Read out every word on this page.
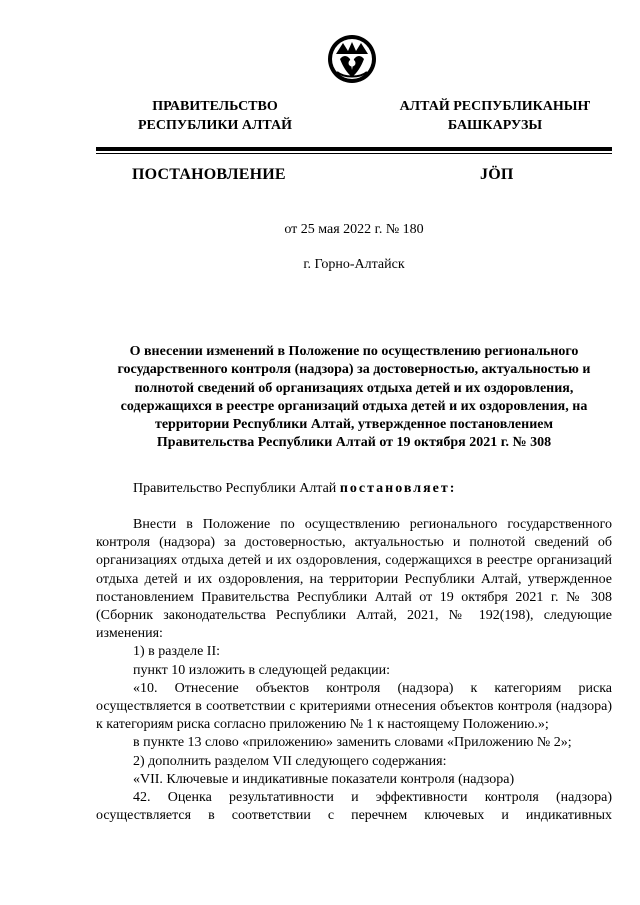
ПРАВИТЕЛЬСТВО
РЕСПУБЛИКИ АЛТАЙ
АЛТАЙ РЕСПУБЛИКАНЫҤ
БАШКАРУЗЫ
ПОСТАНОВЛЕНИЕ	JӦП
от 25 мая 2022 г. № 180
г. Горно-Алтайск
О внесении изменений в Положение по осуществлению регионального
государственного контроля (надзора) за достоверностью, актуальностью и
полнотой сведений об организациях отдыха детей и их оздоровления,
содержащихся в реестре организаций отдыха детей и их оздоровления, на
территории Республики Алтай, утвержденное постановлением
Правительства Республики Алтай от 19 октября 2021 г. № 308
Правительство Республики Алтай постановляет:

Внести в Положение по осуществлению регионального государственного контроля (надзора) за достоверностью, актуальностью и полнотой сведений об организациях отдыха детей и их оздоровления, содержащихся в реестре организаций отдыха детей и их оздоровления, на территории Республики Алтай, утвержденное постановлением Правительства Республики Алтай от 19 октября 2021 г. № 308 (Сборник законодательства Республики Алтай, 2021, № 192(198), следующие изменения:

1) в разделе II:

пункт 10 изложить в следующей редакции:

«10. Отнесение объектов контроля (надзора) к категориям риска осуществляется в соответствии с критериями отнесения объектов контроля (надзора) к категориям риска согласно приложению № 1 к настоящему Положению.»;

в пункте 13 слово «приложению» заменить словами «Приложению № 2»;

2) дополнить разделом VII следующего содержания:

«VII. Ключевые и индикативные показатели контроля (надзора)

42. Оценка результативности и эффективности контроля (надзора) осуществляется в соответствии с перечнем ключевых и индикативных
